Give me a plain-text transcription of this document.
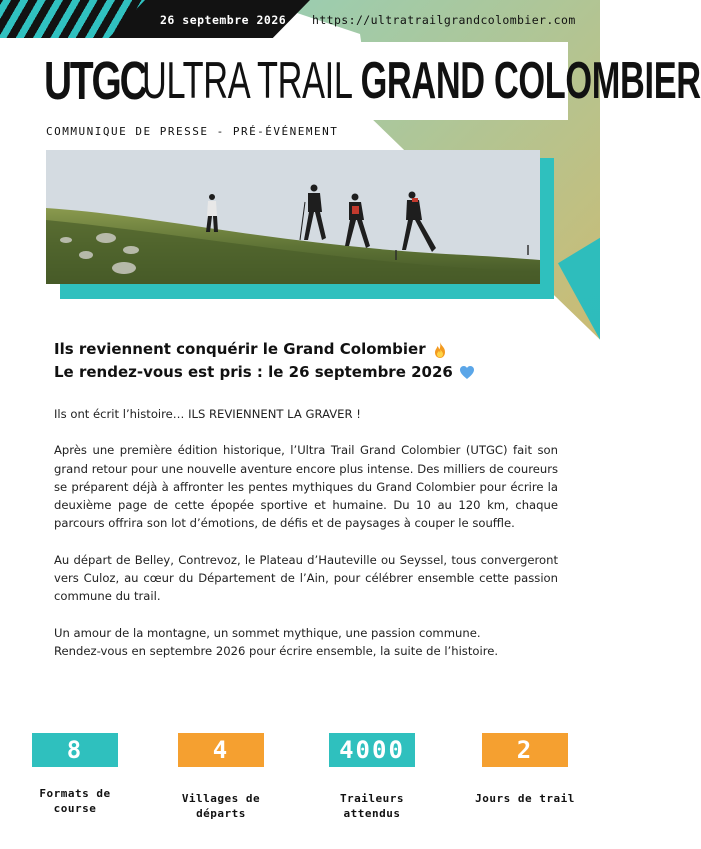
26 septembre 2026 https://ultratrailgrandcolombier.com
UTGC
ULTRA TRAIL GRAND COLOMBIER
COMMUNIQUE DE PRESSE - PRÉ-ÉVÉNEMENT
Ils reviennent conquérir le Grand Colombier
Le rendez-vous est pris : le 26 septembre 2026

Ils ont écrit l’histoire… ILS REVIENNENT LA GRAVER !

Après une première édition historique, l’Ultra Trail Grand Colombier (UTGC) fait son grand retour pour une nouvelle aventure encore plus intense. Des milliers de coureurs se préparent déjà à affronter les pentes mythiques du Grand Colombier pour écrire la deuxième page de cette épopée sportive et humaine. Du 10 au 120 km, chaque parcours offrira son lot d’émotions, de défis et de paysages à couper le souffle.

Au départ de Belley, Contrevoz, le Plateau d’Hauteville ou Seyssel, tous convergeront vers Culoz, au cœur du Département de l’Ain, pour célébrer ensemble cette passion commune du trail.

Un amour de la montagne, un sommet mythique, une passion commune.
Rendez-vous en septembre 2026 pour écrire ensemble, la suite de l’histoire.

8
Formats de course
4
Villages de départs
4000
Traileurs attendus
2
Jours de trail
